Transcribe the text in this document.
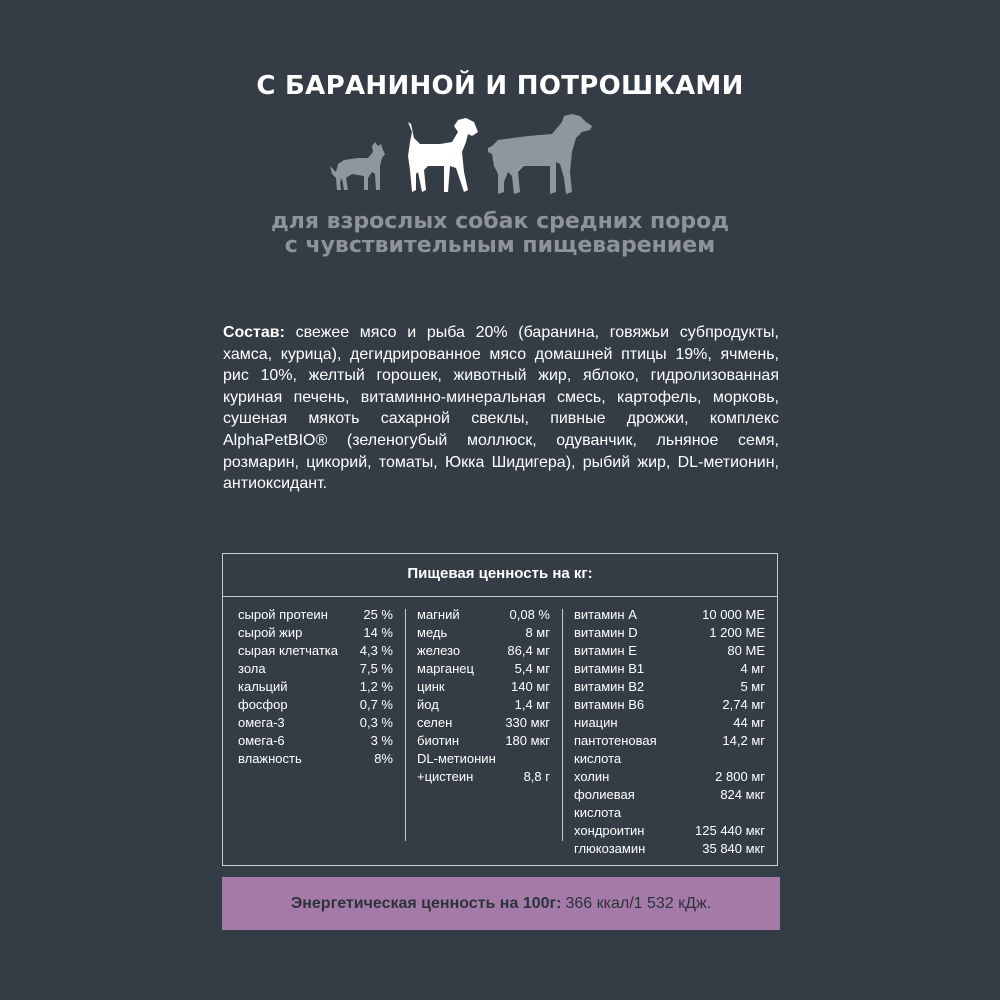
С БАРАНИНОЙ И ПОТРОШКАМИ
для взрослых собак средних пород
с чувствительным пищеварением
Состав: свежее мясо и рыба 20% (баранина, говяжьи субпродукты, хамса, курица), дегидрированное мясо домашней птицы 19%, ячмень, рис 10%, желтый горошек, животный жир, яблоко, гидролизованная куриная печень, витаминно-минеральная смесь, картофель, морковь, сушеная мякоть сахарной свеклы, пивные дрожжи, комплекс AlphaPetBIO® (зеленогубый моллюск, одуванчик, льняное семя, розмарин, цикорий, томаты, Юкка Шидигера), рыбий жир, DL-метионин, антиоксидант.
Пищевая ценность на кг:
сырой протеин	25 %
сырой жир	14 %
сырая клетчатка 4,3 %
зола	7,5 %
кальций	1,2 %
фосфор	0,7 %
омега-3	0,3 %
омега-6	3 %
влажность	8%
магний	0,08 %
медь	8 мг
железо	86,4 мг
марганец	5,4 мг
цинк	140 мг
йод	1,4 мг
селен	330 мкг
биотин	180 мкг
DL-метионин
+цистеин	8,8 г
витамин А	10 000 МЕ
витамин D	1 200 МЕ
витамин Е	80 МЕ
витамин В1	4 мг
витамин В2	5 мг
витамин В6	2,74 мг
ниацин	44 мг
пантотеновая	14,2 мг
кислота
холин	2 800 мг
фолиевая	824 мкг
кислота
хондроитин	125 440 мкг
глюкозамин	35 840 мкг
Энергетическая ценность на 100г: 366 ккал/1 532 кДж.
